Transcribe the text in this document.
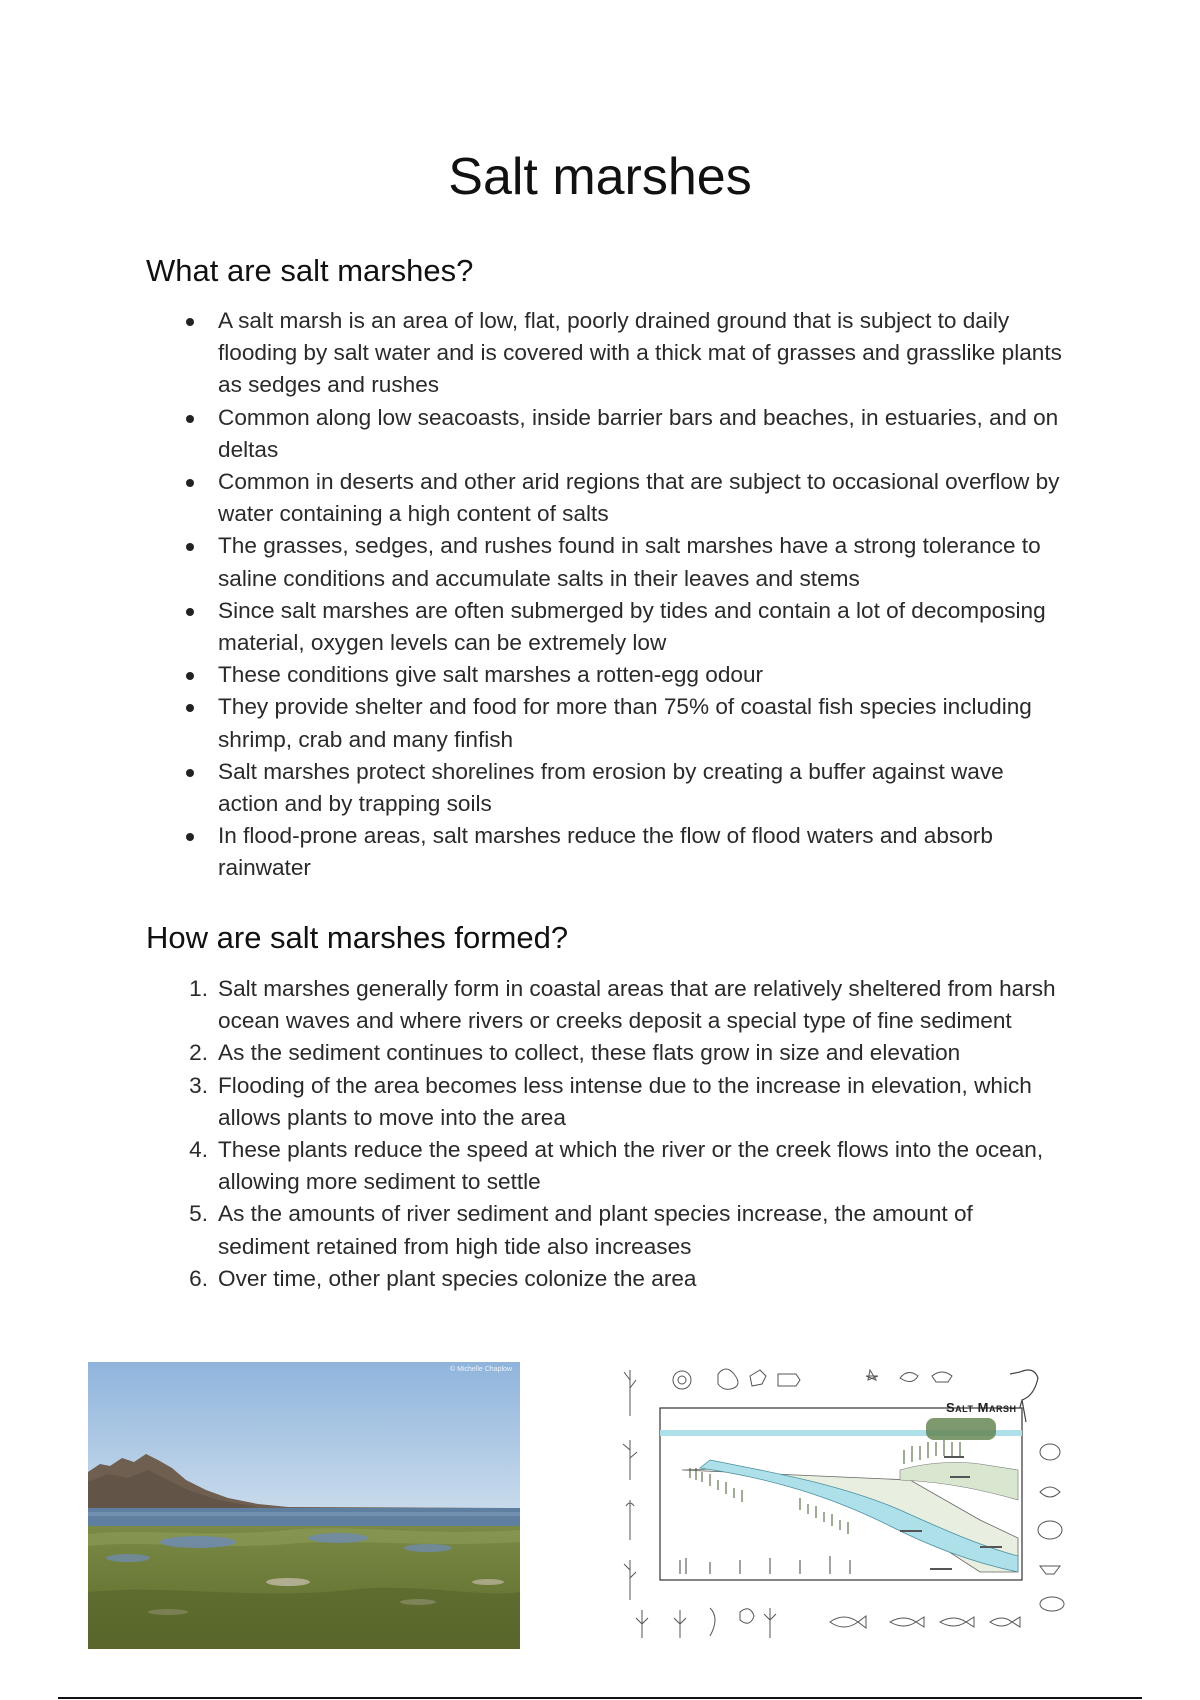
Salt marshes
What are salt marshes?
A salt marsh is an area of low, flat, poorly drained ground that is subject to daily flooding by salt water and is covered with a thick mat of grasses and grasslike plants as sedges and rushes
Common along low seacoasts, inside barrier bars and beaches, in estuaries, and on deltas
Common in deserts and other arid regions that are subject to occasional overflow by water containing a high content of salts
The grasses, sedges, and rushes found in salt marshes have a strong tolerance to saline conditions and accumulate salts in their leaves and stems
Since salt marshes are often submerged by tides and contain a lot of decomposing material, oxygen levels can be extremely low
These conditions give salt marshes a rotten-egg odour
They provide shelter and food for more than 75% of coastal fish species including shrimp, crab and many finfish
Salt marshes protect shorelines from erosion by creating a buffer against wave action and by trapping soils
In flood-prone areas, salt marshes reduce the flow of flood waters and absorb rainwater
How are salt marshes formed?
1. Salt marshes generally form in coastal areas that are relatively sheltered from harsh ocean waves and where rivers or creeks deposit a special type of fine sediment
2. As the sediment continues to collect, these flats grow in size and elevation
3. Flooding of the area becomes less intense due to the increase in elevation, which allows plants to move into the area
4. These plants reduce the speed at which the river or the creek flows into the ocean, allowing more sediment to settle
5. As the amounts of river sediment and plant species increase, the amount of sediment retained from high tide also increases
6. Over time, other plant species colonize the area
© Michelle Chaplow
Salt Marsh
